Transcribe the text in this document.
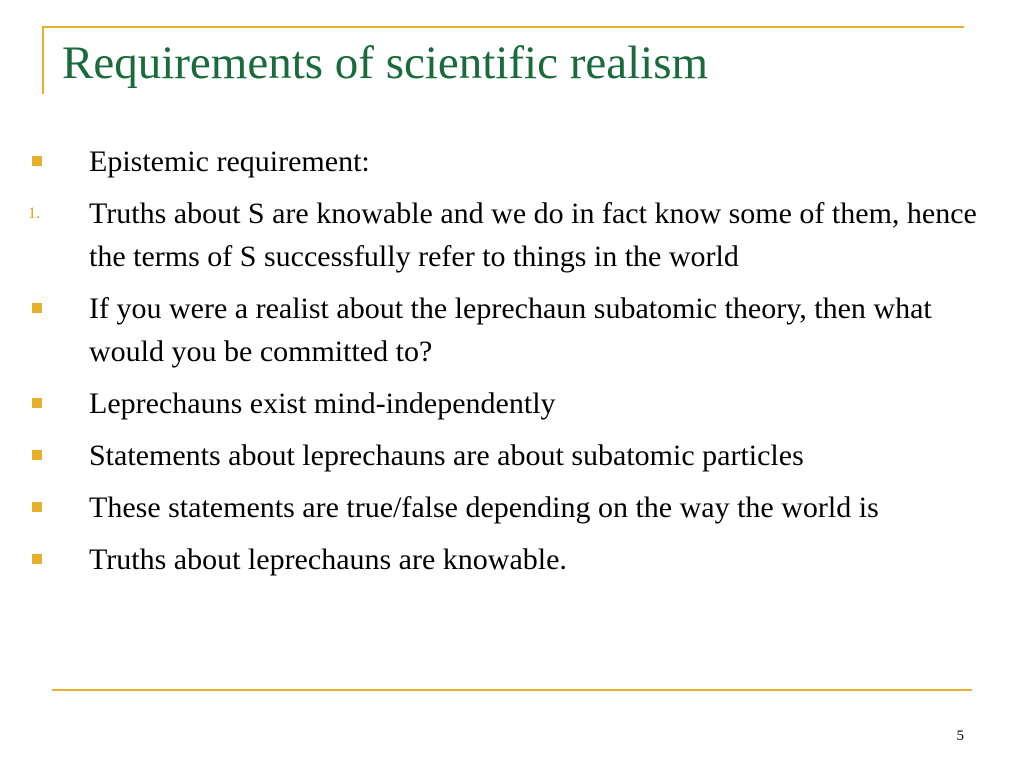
Requirements of scientific realism
Epistemic requirement:
1.	Truths about S are knowable and we do in fact know some of them, hence the terms of S successfully refer to things in the world
If you were a realist about the leprechaun subatomic theory, then what would you be committed to?
Leprechauns exist mind-independently
Statements about leprechauns are about subatomic particles
These statements are true/false depending on the way the world is
Truths about leprechauns are knowable.
5
